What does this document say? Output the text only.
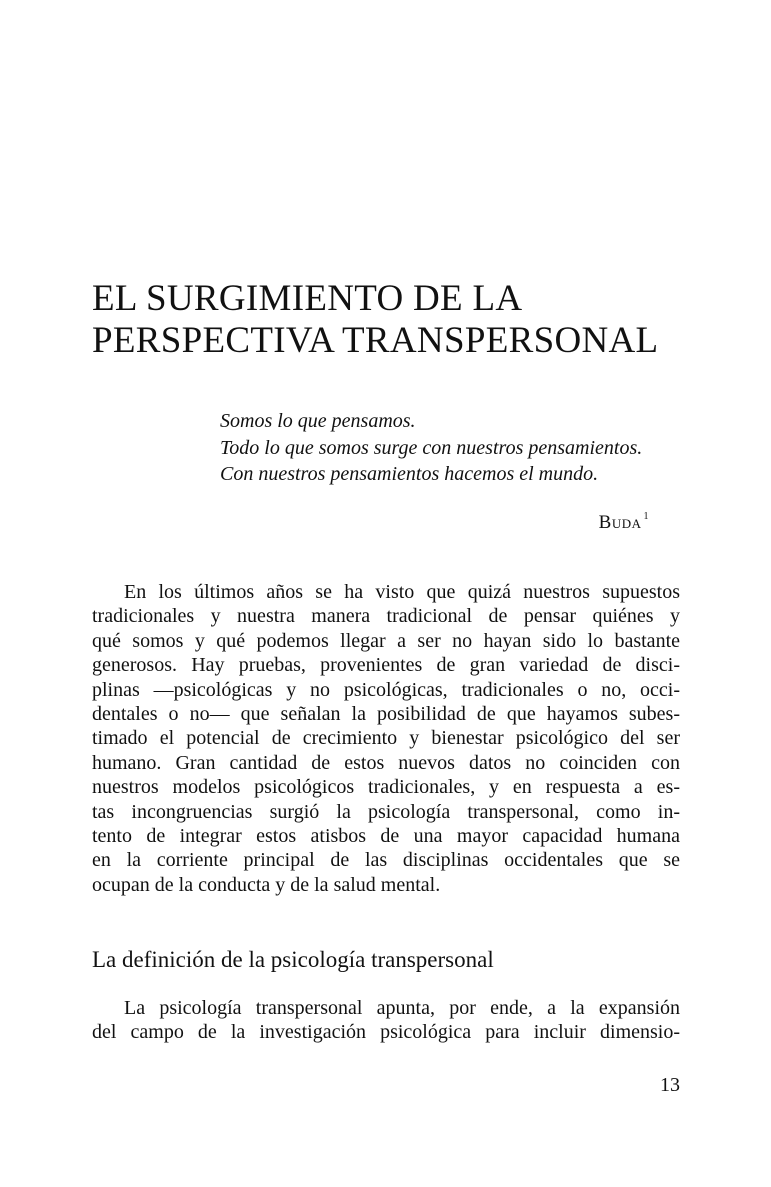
EL SURGIMIENTO DE LA
PERSPECTIVA TRANSPERSONAL
Somos lo que pensamos.
Todo lo que somos surge con nuestros pensamientos.
Con nuestros pensamientos hacemos el mundo.
Buda $^1$
En los últimos años se ha visto que quizá nuestros supuestos
tradicionales y nuestra manera tradicional de pensar quiénes y
qué somos y qué podemos llegar a ser no hayan sido lo bastante
generosos. Hay pruebas, provenientes de gran variedad de disci-
plinas —psicológicas y no psicológicas, tradicionales o no, occi-
dentales o no— que señalan la posibilidad de que hayamos subes-
timado el potencial de crecimiento y bienestar psicológico del ser
humano. Gran cantidad de estos nuevos datos no coinciden con
nuestros modelos psicológicos tradicionales, y en respuesta a es-
tas incongruencias surgió la psicología transpersonal, como in-
tento de integrar estos atisbos de una mayor capacidad humana
en la corriente principal de las disciplinas occidentales que se
ocupan de la conducta y de la salud mental.
La definición de la psicología transpersonal
La psicología transpersonal apunta, por ende, a la expansión
del campo de la investigación psicológica para incluir dimensio-
13
